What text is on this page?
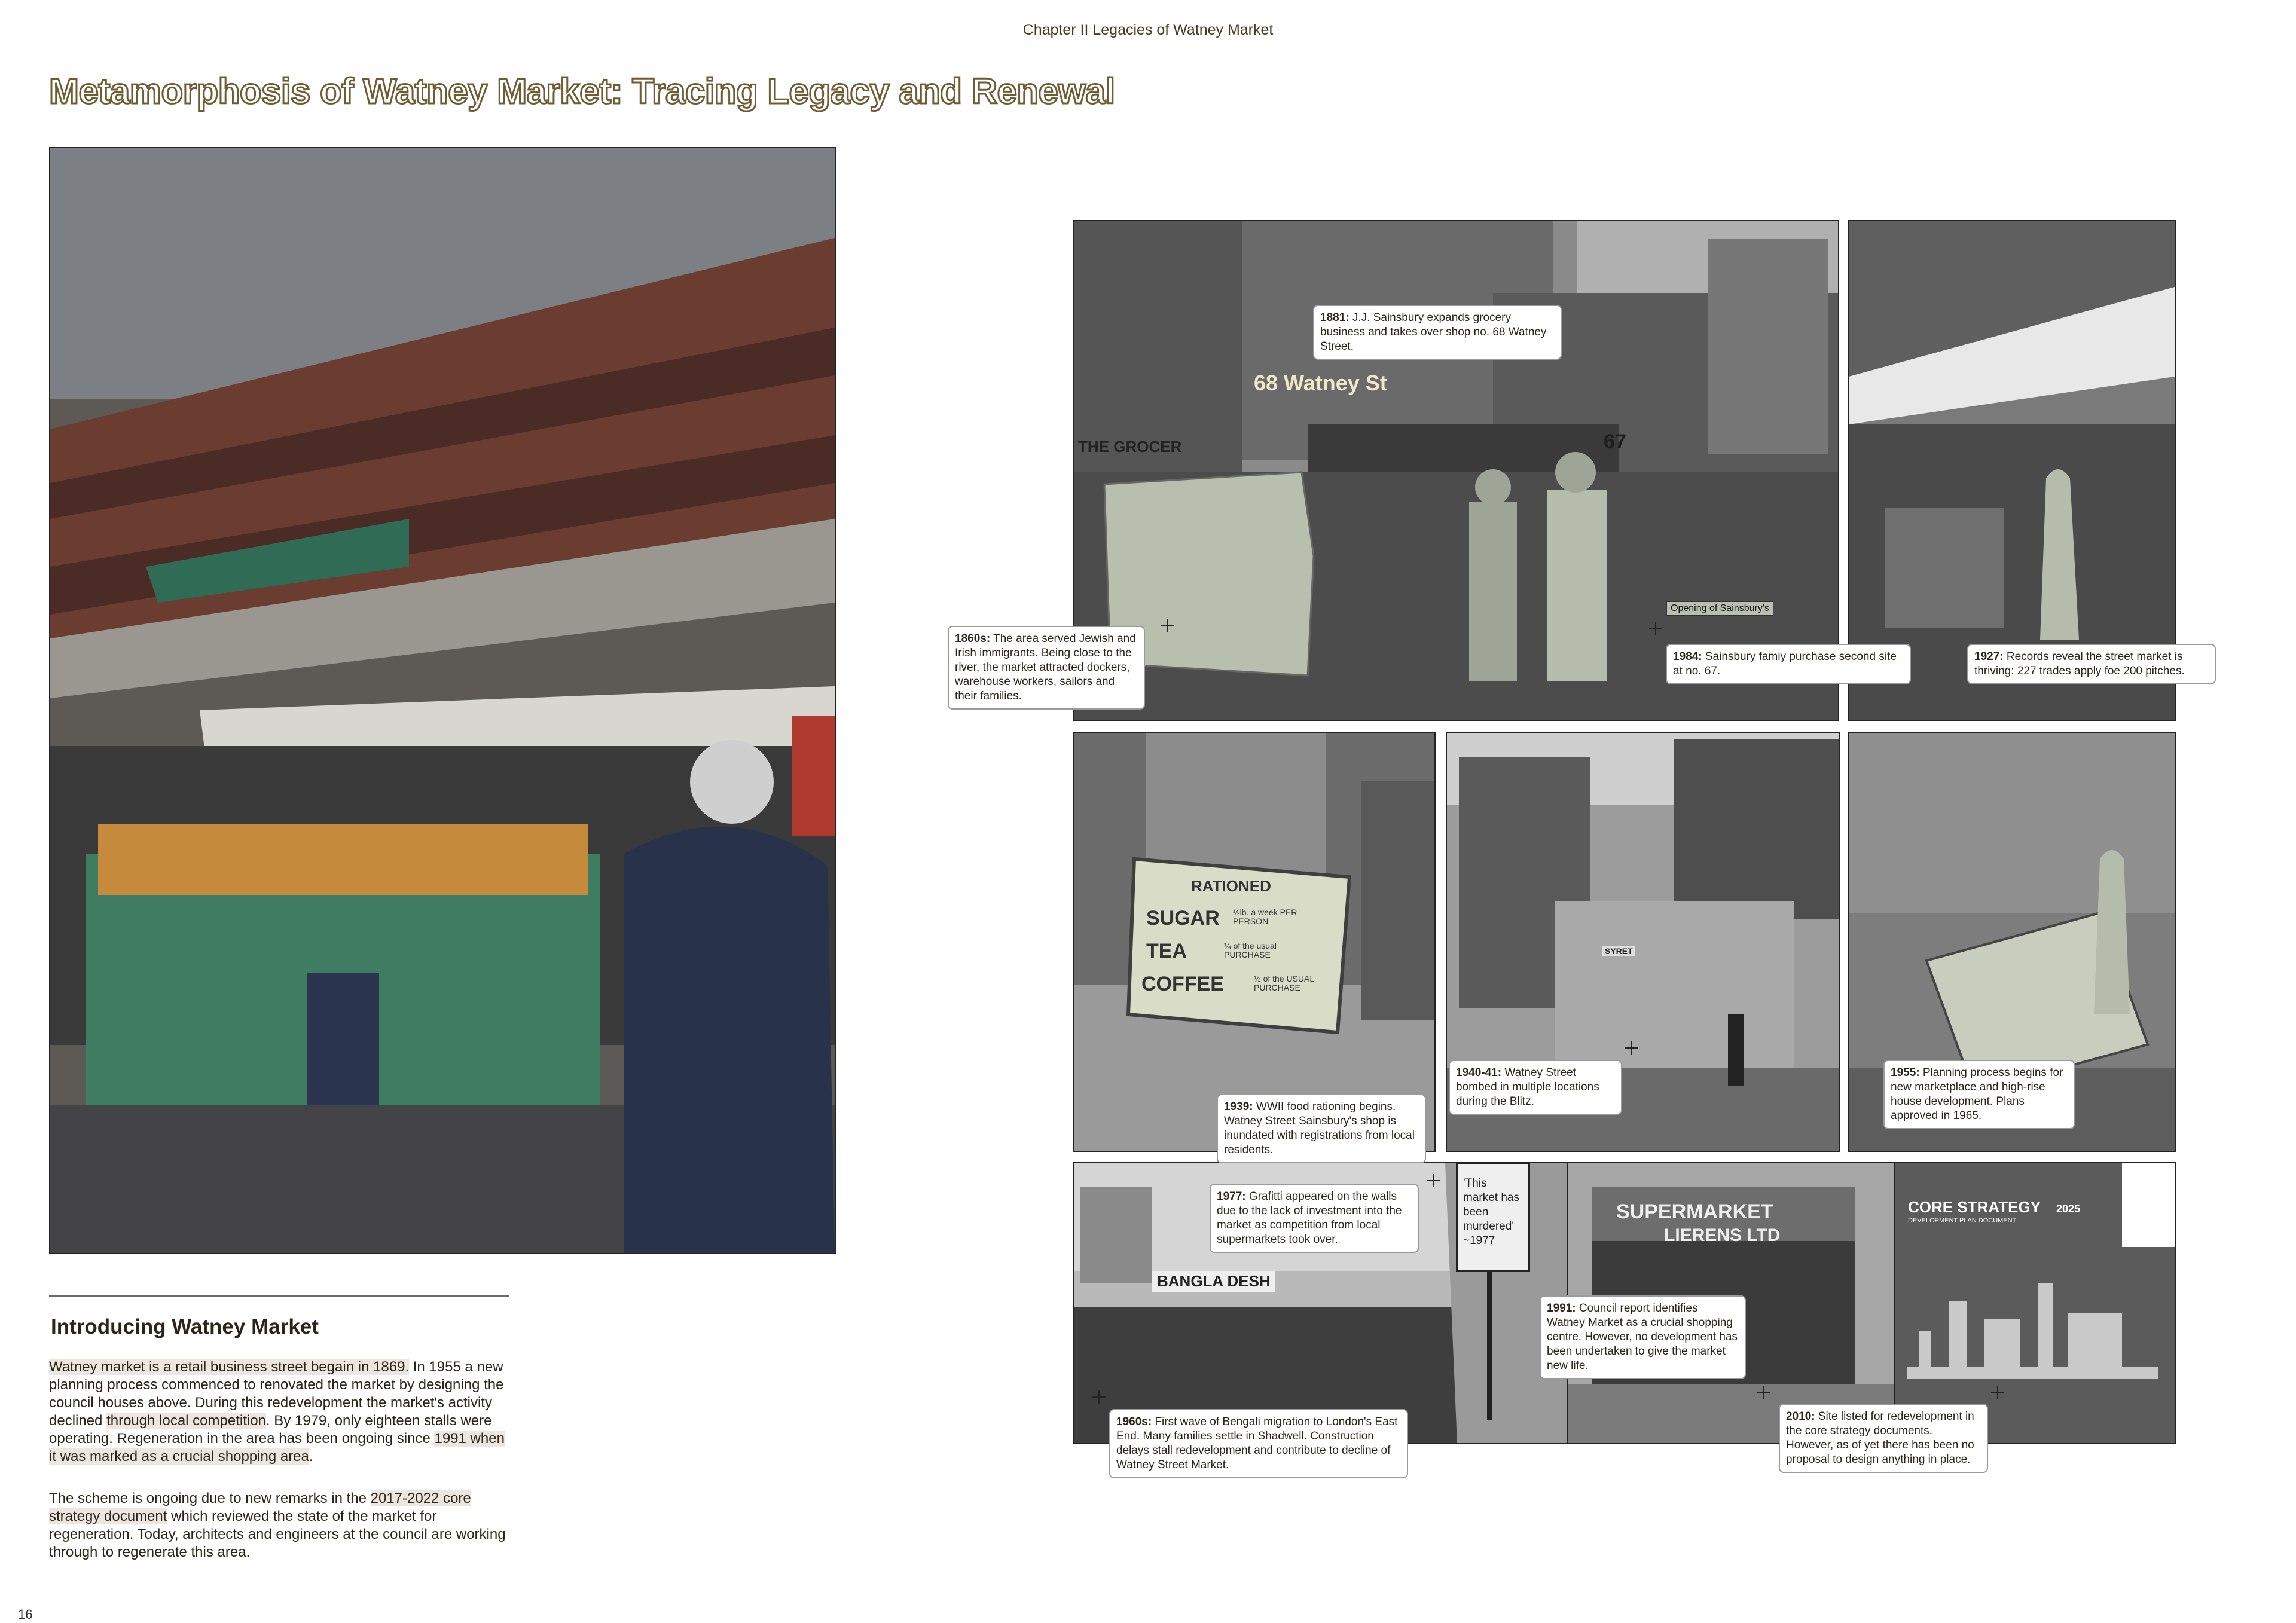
Chapter II Legacies of Watney Market
Metamorphosis of Watney Market: Tracing Legacy and Renewal
Introducing Watney Market
Watney market is a retail business street begain in 1869. In 1955 a new planning process commenced to renovated the market by designing the council houses above. During this redevelopment the market's activity declined through local competition. By 1979, only eighteen stalls were operating. Regeneration in the area has been ongoing since 1991 when it was marked as a crucial shopping area.
The scheme is ongoing due to new remarks in the 2017-2022 core strategy document which reviewed the state of the market for regeneration. Today, architects and engineers at the council are working through to regenerate this area.
16
68 Watney St
67
THE GROCER
Opening of Sainsbury's
RATIONED
SUGAR ½lb. a week PER PERSON
TEA	¼ of the usual PURCHASE
COFFEE	½ of the USUAL PURCHASE
SYRET
BANGLA DESH
'This market has been murdered' ~1977
SUPERMARKET
LIERENS LTD
CORE STRATEGY 2025
DEVELOPMENT PLAN DOCUMENT
1881: J.J. Sainsbury expands grocery business and takes over shop no. 68 Watney Street.
1860s: The area served Jewish and Irish immigrants. Being close to the river, the market attracted dockers, warehouse workers, sailors and their families.
1984: Sainsbury famiy purchase second site at no. 67.
1927: Records reveal the street market is thriving: 227 trades apply foe 200 pitches.
1939: WWII food rationing begins. Watney Street Sainsbury's shop is inundated with registrations from local residents.
1940-41: Watney Street bombed in multiple locations during the Blitz.
1955: Planning process begins for new marketplace and high-rise house development. Plans approved in 1965.
1977: Grafitti appeared on the walls due to the lack of investment into the market as competition from local supermarkets took over.
1991: Council report identifies Watney Market as a crucial shopping centre. However, no development has been undertaken to give the market new life.
1960s: First wave of Bengali migration to London's East End. Many families settle in Shadwell. Construction delays stall redevelopment and contribute to decline of Watney Street Market.
2010: Site listed for redevelopment in the core strategy documents. However, as of yet there has been no proposal to design anything in place.
